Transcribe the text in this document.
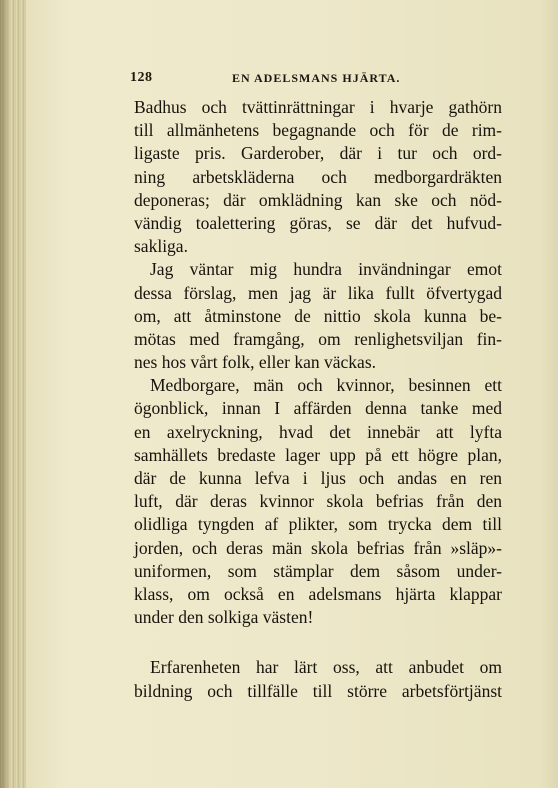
128	EN ADELSMANS HJÄRTA.
Badhus och tvättinrättningar i hvarje gathörn
till allmänhetens begagnande och för de rim-
ligaste pris. Garderober, där i tur och ord-
ning arbetskläderna och medborgardräkten
deponeras; där omklädning kan ske och nöd-
vändig toalettering göras, se där det hufvud-
sakliga.
Jag väntar mig hundra invändningar emot
dessa förslag, men jag är lika fullt öfvertygad
om, att åtminstone de nittio skola kunna be-
mötas med framgång, om renlighetsviljan fin-
nes hos vårt folk, eller kan väckas.
Medborgare, män och kvinnor, besinnen ett
ögonblick, innan I affärden denna tanke med
en axelryckning, hvad det innebär att lyfta
samhällets bredaste lager upp på ett högre plan,
där de kunna lefva i ljus och andas en ren
luft, där deras kvinnor skola befrias från den
olidliga tyngden af plikter, som trycka dem till
jorden, och deras män skola befrias från »släp»-
uniformen, som stämplar dem såsom under-
klass, om också en adelsmans hjärta klappar
under den solkiga västen!
Erfarenheten har lärt oss, att anbudet om
bildning och tillfälle till större arbetsförtjänst
